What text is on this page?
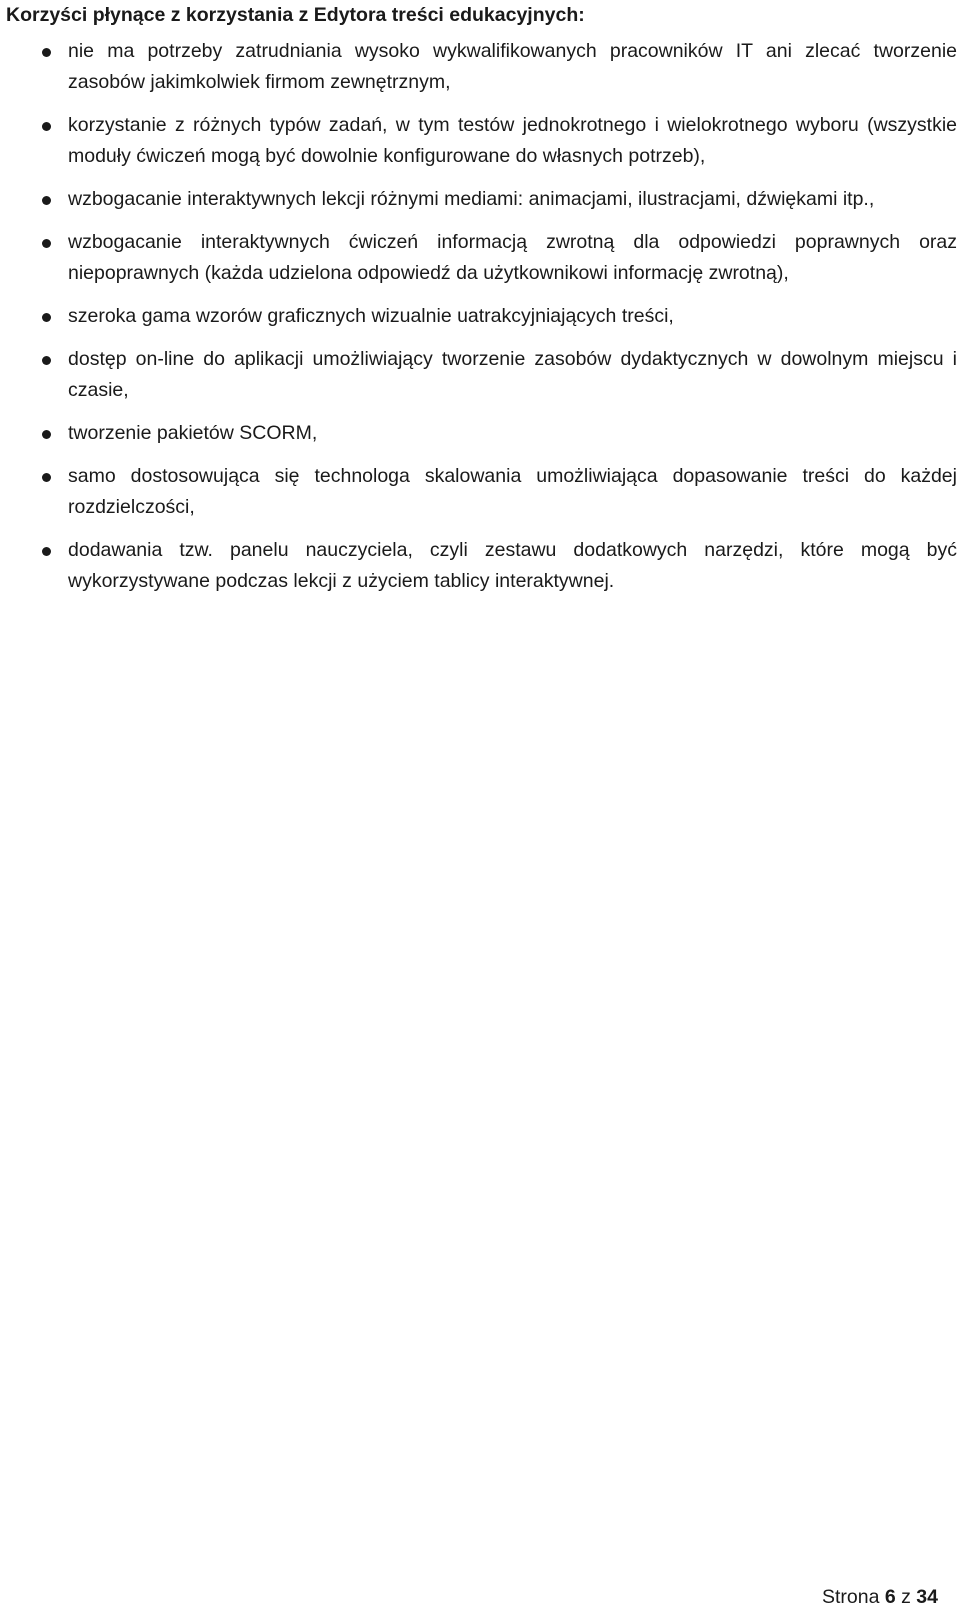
Korzyści płynące z korzystania z Edytora treści edukacyjnych:
nie ma potrzeby zatrudniania wysoko wykwalifikowanych pracowników IT ani zlecać tworzenie zasobów jakimkolwiek firmom zewnętrznym,
korzystanie z różnych typów zadań, w tym testów jednokrotnego i wielokrotnego wyboru (wszystkie moduły ćwiczeń mogą być dowolnie konfigurowane do własnych potrzeb),
wzbogacanie interaktywnych lekcji różnymi mediami: animacjami, ilustracjami, dźwiękami itp.,
wzbogacanie interaktywnych ćwiczeń informacją zwrotną dla odpowiedzi poprawnych oraz niepoprawnych (każda udzielona odpowiedź da użytkownikowi informację zwrotną),
szeroka gama wzorów graficznych wizualnie uatrakcyjniających treści,
dostęp on-line do aplikacji umożliwiający tworzenie zasobów dydaktycznych w dowolnym miejscu i czasie,
tworzenie pakietów SCORM,
samo dostosowująca się technologa skalowania umożliwiająca dopasowanie treści do każdej rozdzielczości,
dodawania tzw. panelu nauczyciela, czyli zestawu dodatkowych narzędzi, które mogą być wykorzystywane podczas lekcji z użyciem tablicy interaktywnej.
Strona 6 z 34
